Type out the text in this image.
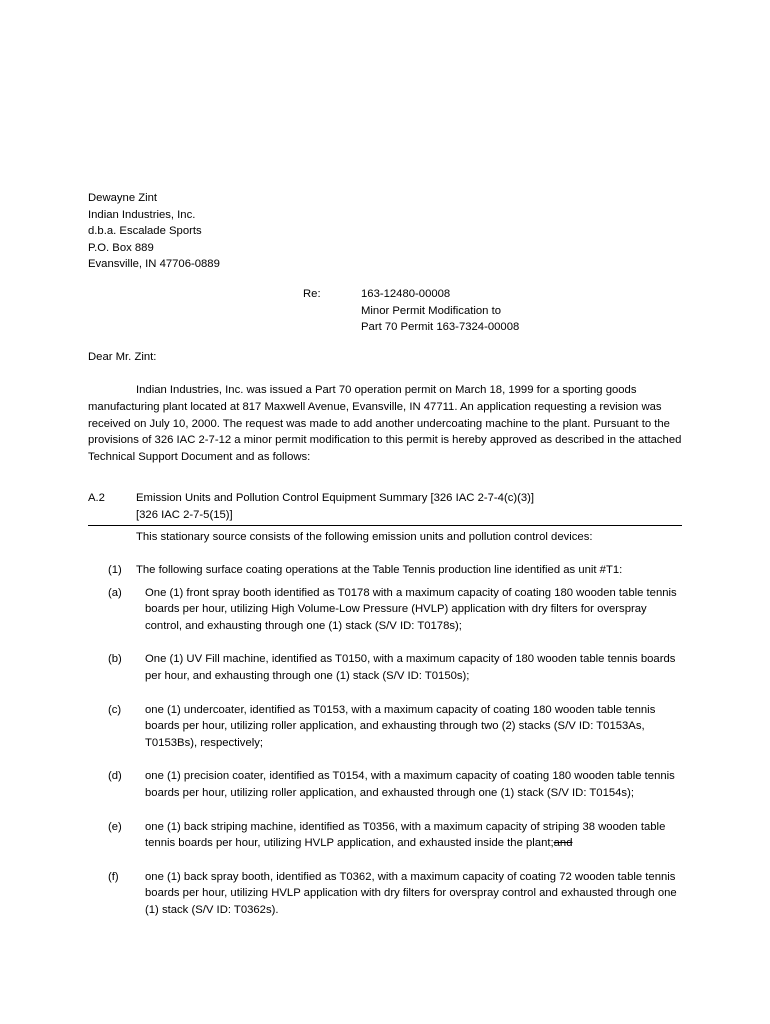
Dewayne Zint
Indian Industries, Inc.
d.b.a. Escalade Sports
P.O. Box 889
Evansville, IN 47706-0889
Re:	163-12480-00008
Minor Permit Modification to
Part 70 Permit 163-7324-00008
Dear Mr. Zint:
Indian Industries, Inc. was issued a Part 70 operation permit on March 18, 1999 for a sporting goods manufacturing plant located at 817 Maxwell Avenue, Evansville, IN 47711. An application requesting a revision was received on July 10, 2000. The request was made to add another undercoating machine to the plant. Pursuant to the provisions of 326 IAC 2-7-12 a minor permit modification to this permit is hereby approved as described in the attached Technical Support Document and as follows:
A.2	Emission Units and Pollution Control Equipment Summary [326 IAC 2-7-4(c)(3)]
[326 IAC 2-7-5(15)]
This stationary source consists of the following emission units and pollution control devices:
(1)	The following surface coating operations at the Table Tennis production line identified as unit #T1:
(a)	One (1) front spray booth identified as T0178 with a maximum capacity of coating 180 wooden table tennis boards per hour, utilizing High Volume-Low Pressure (HVLP) application with dry filters for overspray control, and exhausting through one (1) stack (S/V ID: T0178s);
(b)	One (1) UV Fill machine, identified as T0150, with a maximum capacity of 180 wooden table tennis boards per hour, and exhausting through one (1) stack (S/V ID: T0150s);
(c)	one (1) undercoater, identified as T0153, with a maximum capacity of coating 180 wooden table tennis boards per hour, utilizing roller application, and exhausting through two (2) stacks (S/V ID: T0153As, T0153Bs), respectively;
(d)	one (1) precision coater, identified as T0154, with a maximum capacity of coating 180 wooden table tennis boards per hour, utilizing roller application, and exhausted through one (1) stack (S/V ID: T0154s);
(e)	one (1) back striping machine, identified as T0356, with a maximum capacity of striping 38 wooden table tennis boards per hour, utilizing HVLP application, and exhausted inside the plant;and
(f)	one (1) back spray booth, identified as T0362, with a maximum capacity of coating 72 wooden table tennis boards per hour, utilizing HVLP application with dry filters for overspray control and exhausted through one (1) stack (S/V ID: T0362s).
